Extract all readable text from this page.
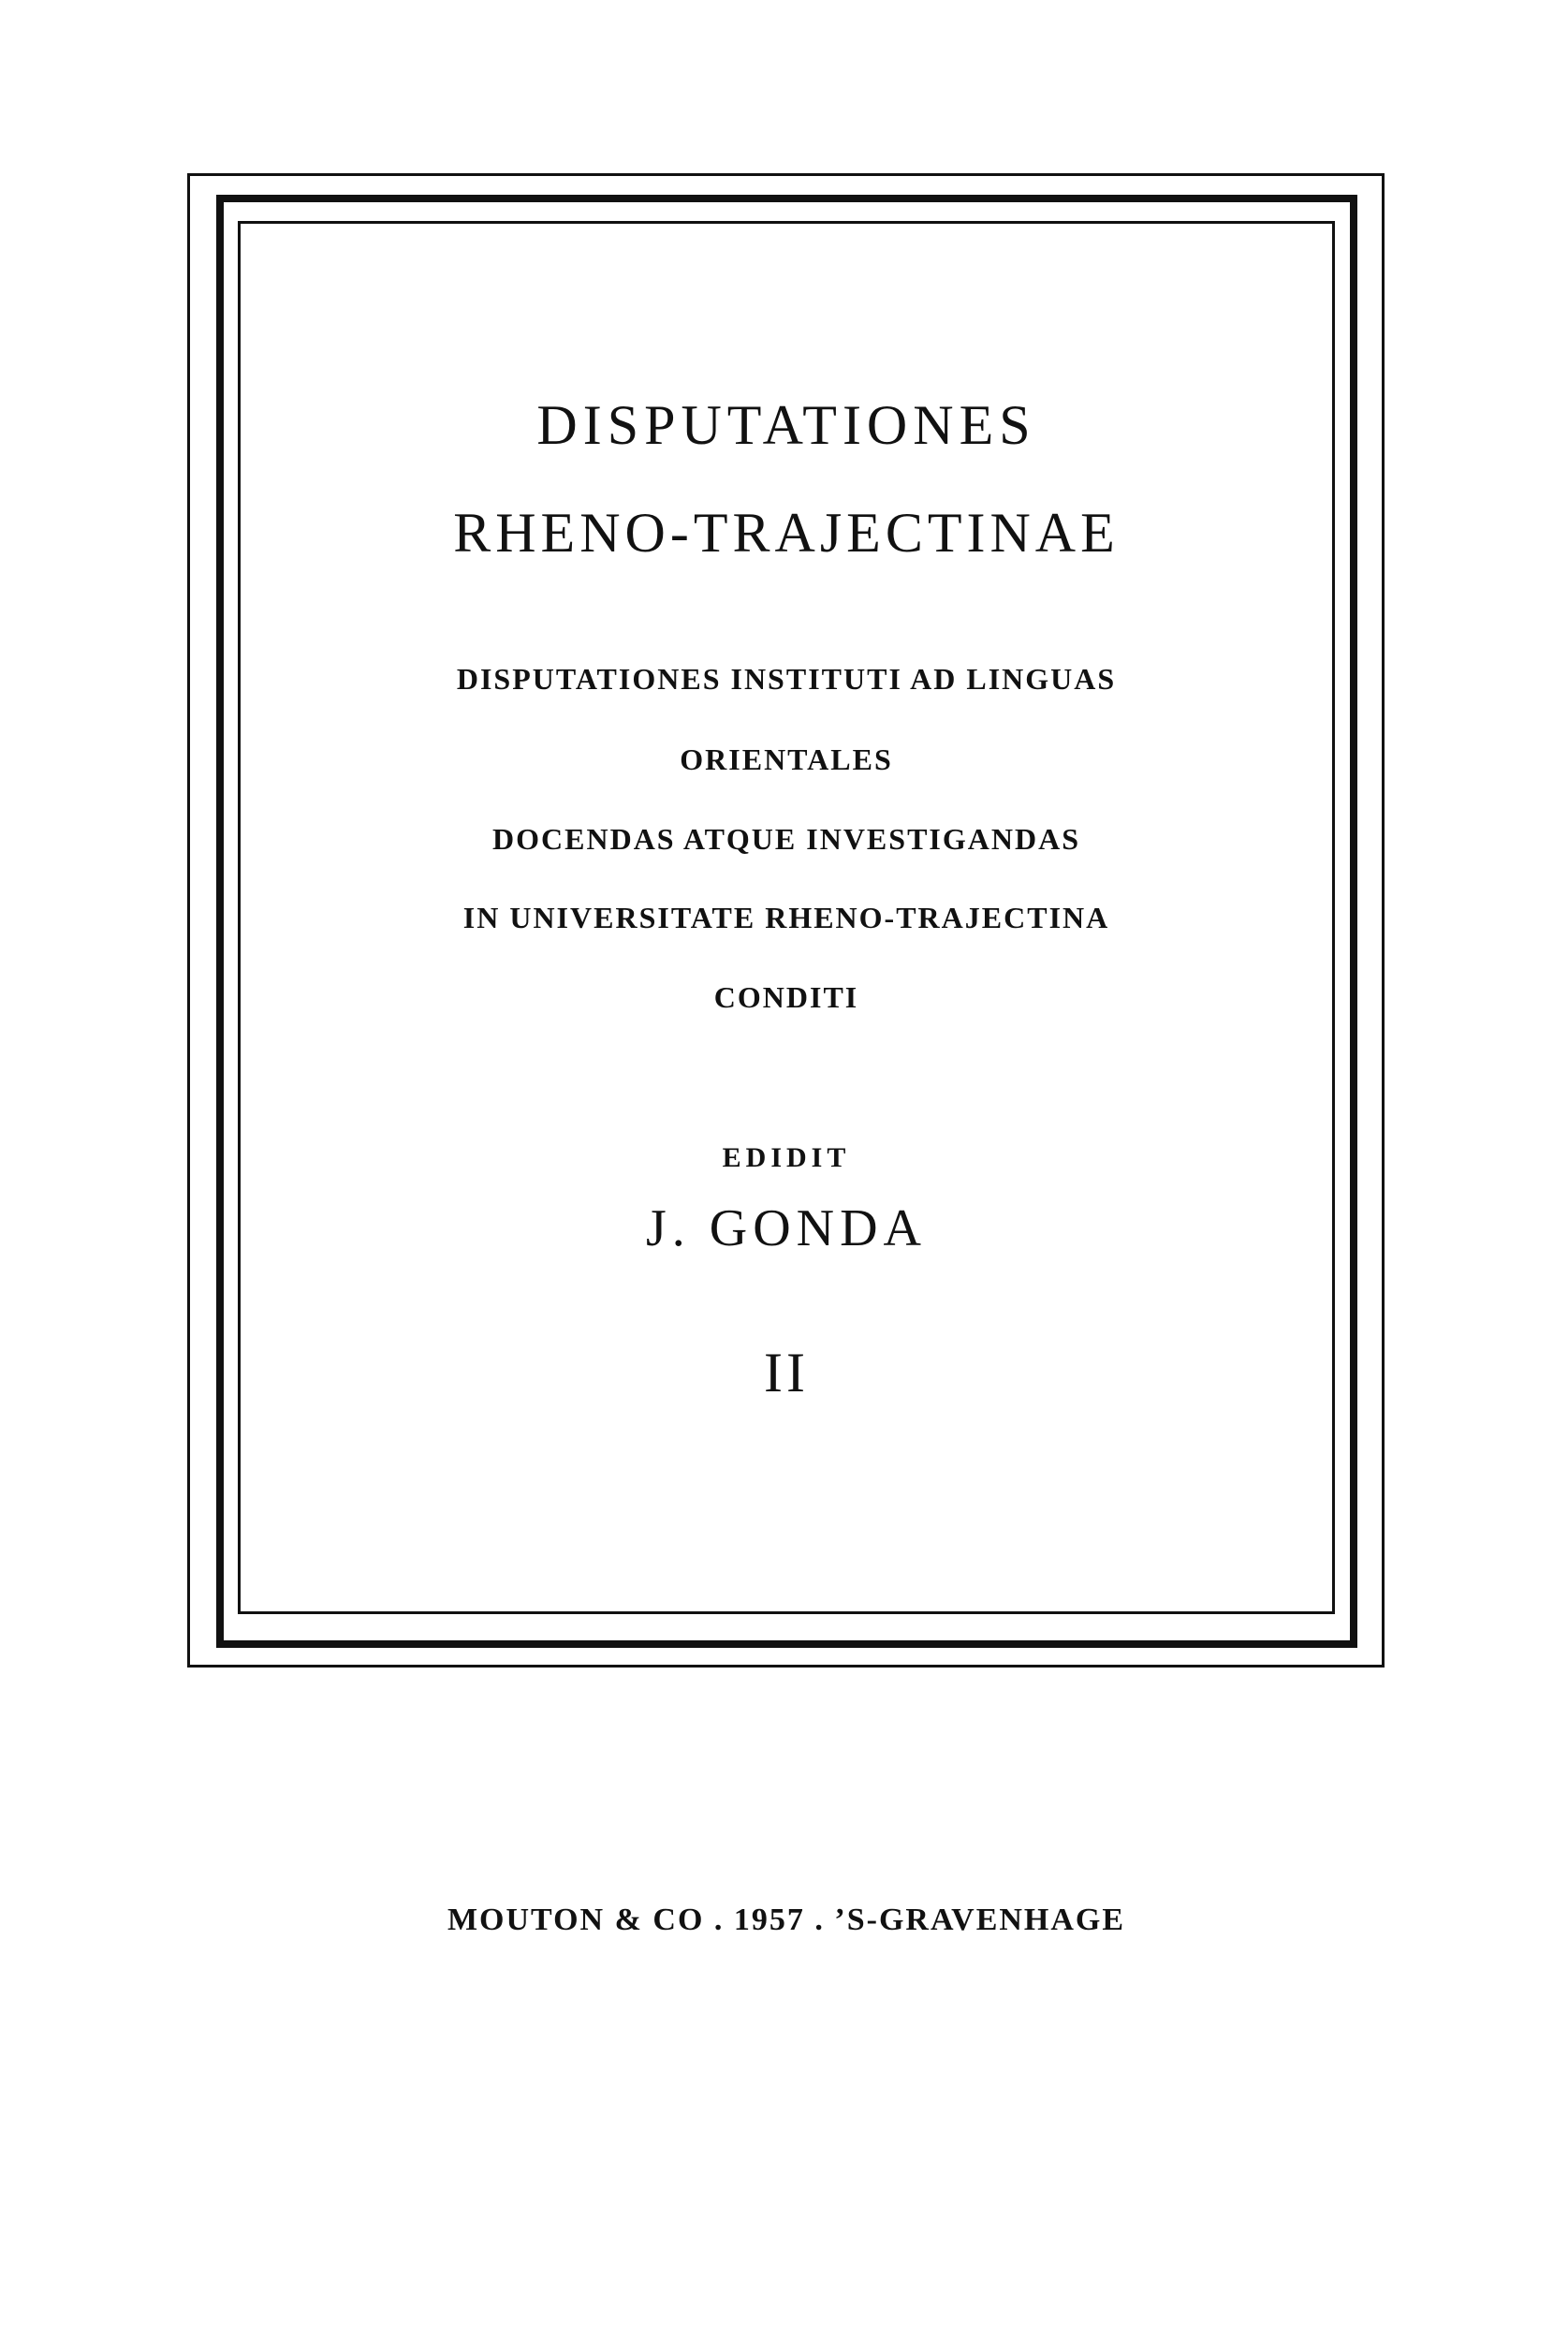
DISPUTATIONES
RHENO-TRAJECTINAE

DISPUTATIONES INSTITUTI AD LINGUAS

ORIENTALES

DOCENDAS ATQUE INVESTIGANDAS

IN UNIVERSITATE RHENO-TRAJECTINA

CONDITI

EDIDIT

J. GONDA

II

MOUTON & CO . 1957 . ’S-GRAVENHAGE
